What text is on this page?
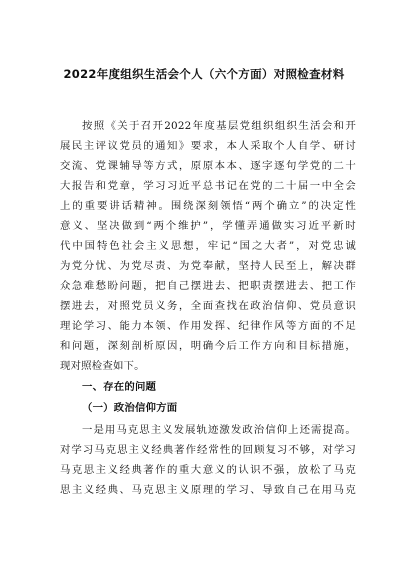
2022年度组织生活会个人（六个方面）对照检查材料
按照《关于召开2022年度基层党组织组织生活会和开
展民主评议党员的通知》要求，本人采取个人自学、研讨
交流、党课辅导等方式，原原本本、逐字逐句学党的二十
大报告和党章，学习习近平总书记在党的二十届一中全会
上的重要讲话精神。围绕深刻领悟“两个确立”的决定性
意义、坚决做到“两个维护”，学懂弄通做实习近平新时
代中国特色社会主义思想，牢记“国之大者”，对党忠诚
为党分忧、为党尽责、为党奉献，坚持人民至上，解决群
众急难愁盼问题，把自己摆进去、把职责摆进去、把工作
摆进去，对照党员义务，全面查找在政治信仰、党员意识
理论学习、能力本领、作用发挥、纪律作风等方面的不足
和问题，深刻剖析原因，明确今后工作方向和目标措施，
现对照检查如下。
一、存在的问题
（一）政治信仰方面
一是用马克思主义发展轨迹激发政治信仰上还需提高。
对学习马克思主义经典著作经常性的回顾复习不够，对学习
马克思主义经典著作的重大意义的认识不强，放松了马克
思主义经典、马克思主义原理的学习、导致自己在用马克
